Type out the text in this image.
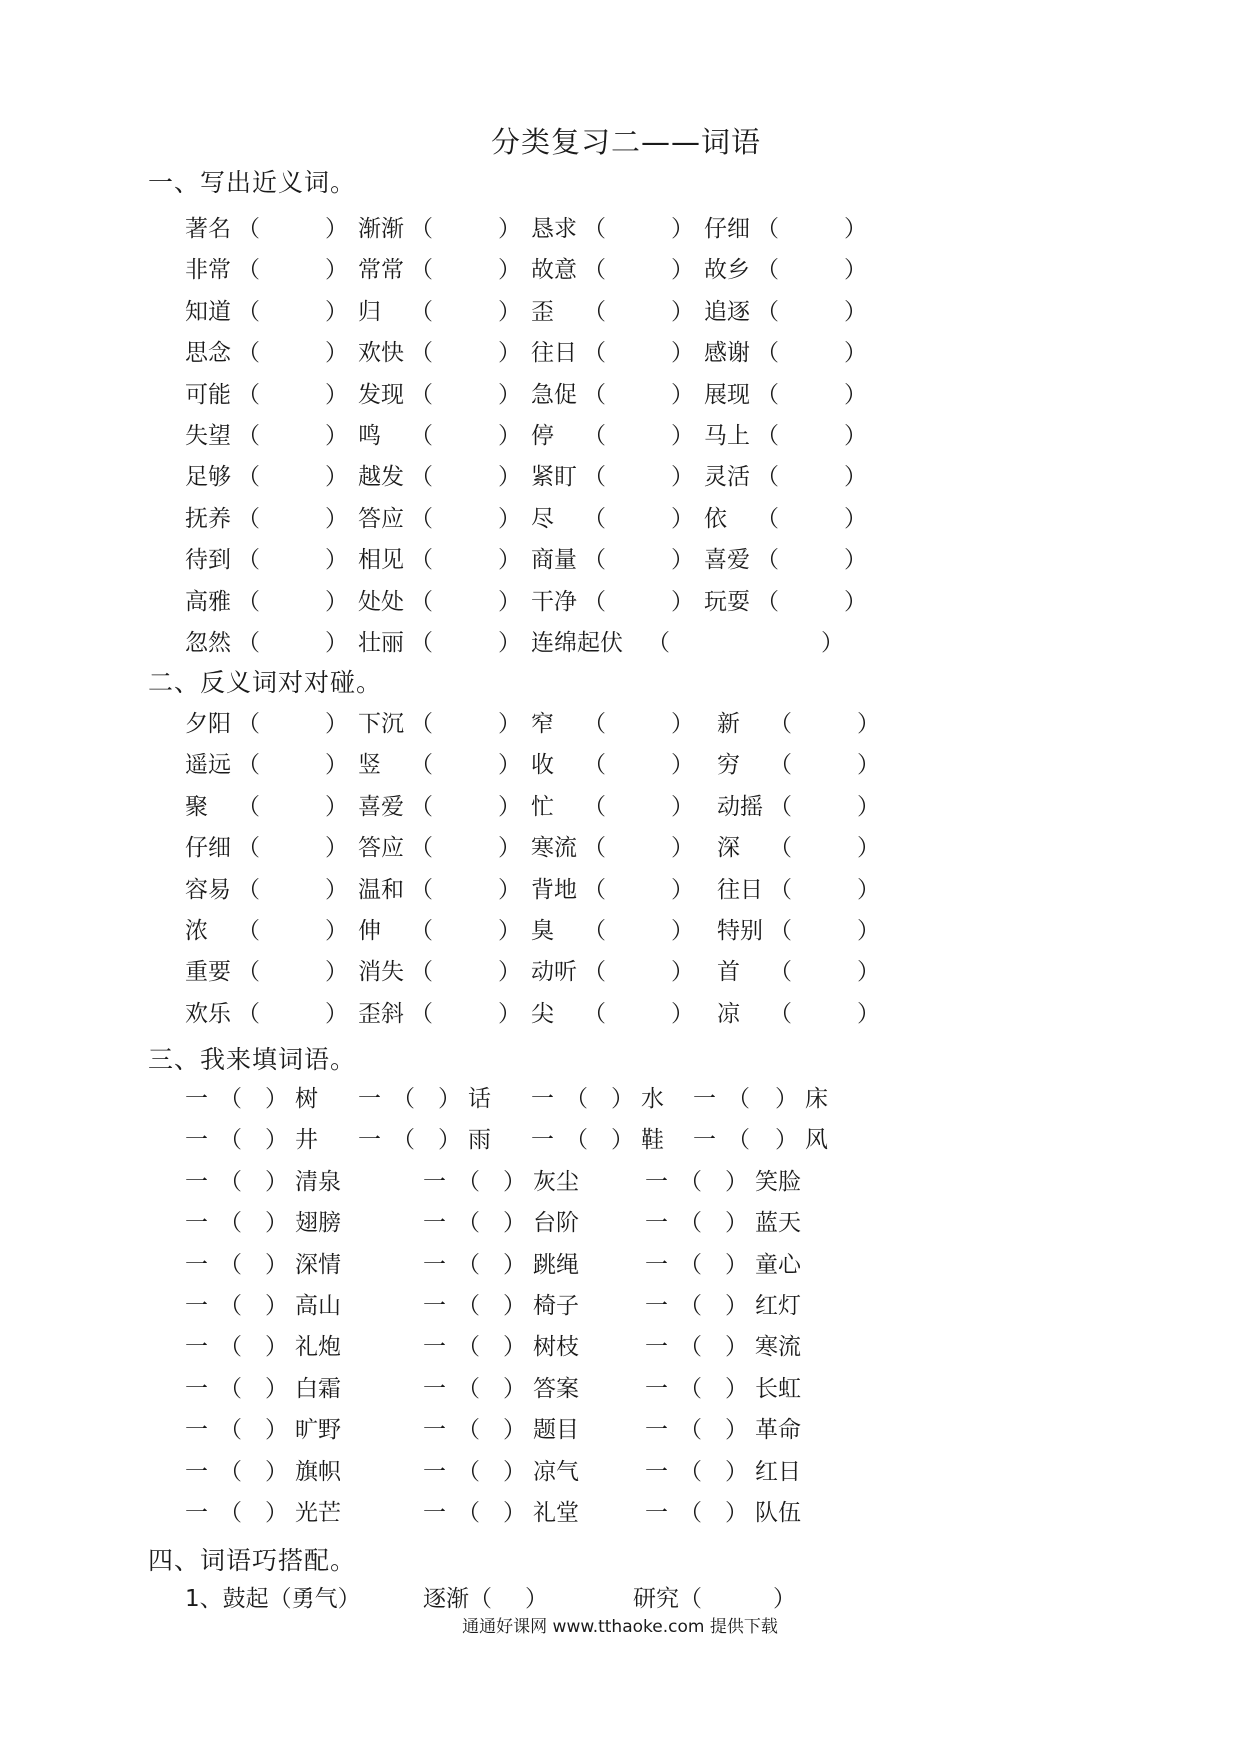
分类复习二——词语
一、写出近义词。
著名 （	） 渐渐 （	） 恳求 （	） 仔细 （	）
非常 （	） 常常 （	） 故意 （	） 故乡 （	）
知道 （	） 归 （	） 歪 （	） 追逐 （	）
思念 （	） 欢快 （	） 往日 （	） 感谢 （	）
可能 （	） 发现 （	） 急促 （	） 展现 （	）
失望 （	） 鸣 （	） 停 （	） 马上 （	）
足够 （	） 越发 （	） 紧盯 （	） 灵活 （	）
抚养 （	） 答应 （	） 尽 （	） 依 （	）
待到 （	） 相见 （	） 商量 （	） 喜爱 （	）
高雅 （	） 处处 （	） 干净 （	） 玩耍 （	）
忽然 （	） 壮丽 （	） 连绵起伏 （	）
二、反义词对对碰。
夕阳 （	） 下沉 （	） 窄 （	） 新 （	）
遥远 （	） 竖 （	） 收 （	） 穷 （	）
聚 （	） 喜爱 （	） 忙 （	） 动摇 （	）
仔细 （	） 答应 （	） 寒流 （	） 深 （	）
容易 （	） 温和 （	） 背地 （	） 往日 （	）
浓 （	） 伸 （	） 臭 （	） 特别 （	）
重要 （	） 消失 （	） 动听 （	） 首 （	）
欢乐 （	） 歪斜 （	） 尖 （	） 凉 （	）
三、我来填词语。
一 （ ） 树 一 （ ） 话 一 （ ） 水 一 （ ） 床
一 （ ） 井 一 （ ） 雨 一 （ ） 鞋 一 （ ） 风
一 （ ） 清泉	一 （ ） 灰尘	一 （ ） 笑脸
一 （ ） 翅膀	一 （ ） 台阶	一 （ ） 蓝天
一 （ ） 深情	一 （ ） 跳绳	一 （ ） 童心
一 （ ） 高山	一 （ ） 椅子	一 （ ） 红灯
一 （ ） 礼炮	一 （ ） 树枝	一 （ ） 寒流
一 （ ） 白霜	一 （ ） 答案	一 （ ） 长虹
一 （ ） 旷野	一 （ ） 题目	一 （ ） 革命
一 （ ） 旗帜	一 （ ） 凉气	一 （ ） 红日
一 （ ） 光芒	一 （ ） 礼堂	一 （ ） 队伍
四、词语巧搭配。
1、鼓起（勇气）	逐渐（ ）	研究（	）
通通好课网 www.tthaoke.com 提供下载
